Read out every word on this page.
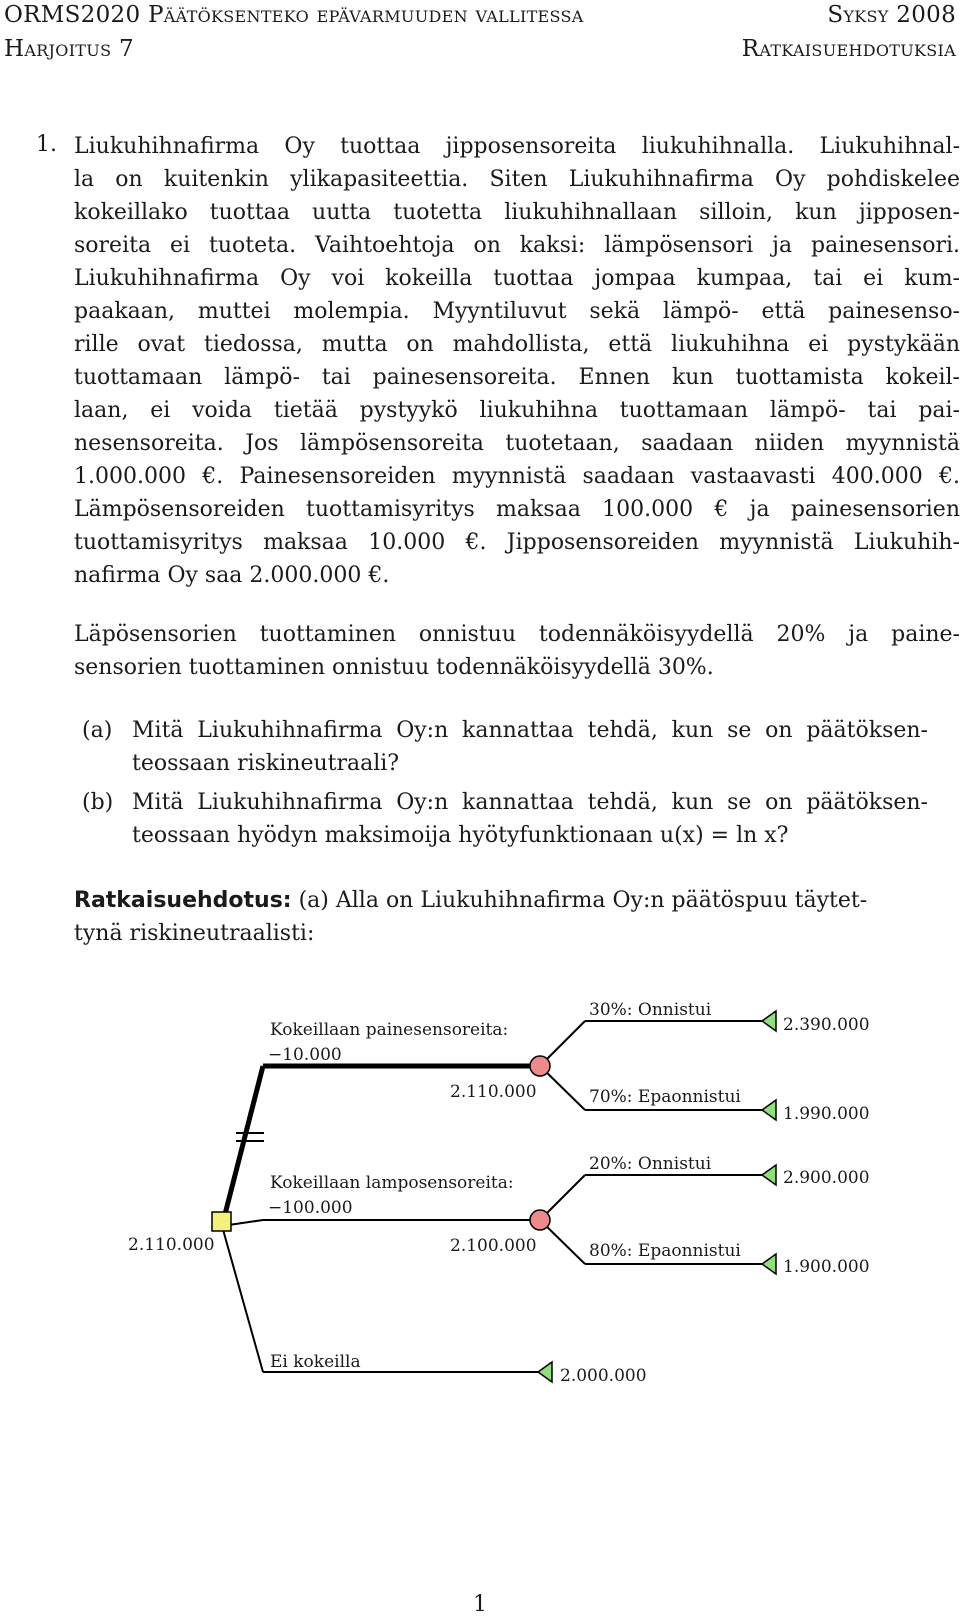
ORMS2020 Päätöksenteko epävarmuuden vallitessa	Syksy 2008
Harjoitus 7	Ratkaisuehdotuksia
1. Liukuhihnafirma Oy tuottaa jipposensoreita liukuhihnalla. Liukuhihnal-
la on kuitenkin ylikapasiteettia. Siten Liukuhihnafirma Oy pohdiskelee
kokeillako tuottaa uutta tuotetta liukuhihnallaan silloin, kun jipposen-
soreita ei tuoteta. Vaihtoehtoja on kaksi: lämpösensori ja painesensori.
Liukuhihnafirma Oy voi kokeilla tuottaa jompaa kumpaa, tai ei kum-
paakaan, muttei molempia. Myyntiluvut sekä lämpö- että painesenso-
rille ovat tiedossa, mutta on mahdollista, että liukuhihna ei pystykään
tuottamaan lämpö- tai painesensoreita. Ennen kun tuottamista kokeil-
laan, ei voida tietää pystyykö liukuhihna tuottamaan lämpö- tai pai-
nesensoreita. Jos lämpösensoreita tuotetaan, saadaan niiden myynnistä
1.000.000 €. Painesensoreiden myynnistä saadaan vastaavasti 400.000 €.
Lämpösensoreiden tuottamisyritys maksaa 100.000 € ja painesensorien
tuottamisyritys maksaa 10.000 €. Jipposensoreiden myynnistä Liukuhih-
nafirma Oy saa 2.000.000 €.
Läpösensorien tuottaminen onnistuu todennäköisyydellä 20% ja paine-
sensorien tuottaminen onnistuu todennäköisyydellä 30%.
(a) Mitä Liukuhihnafirma Oy:n kannattaa tehdä, kun se on päätöksen-
teossaan riskineutraali?
(b) Mitä Liukuhihnafirma Oy:n kannattaa tehdä, kun se on päätöksen-
teossaan hyödyn maksimoija hyötyfunktionaan u(x) = ln x?
Ratkaisuehdotus: (a) Alla on Liukuhihnafirma Oy:n päätöspuu täytet-
tynä riskineutraalisti:
2.110.000
Kokeillaan painesensoreita:
−10.000
2.110.000
30%: Onnistui
2.390.000
70%: Epaonnistui
1.990.000
Kokeillaan lamposensoreita:
−100.000
2.100.000
20%: Onnistui
2.900.000
80%: Epaonnistui
1.900.000
Ei kokeilla
2.000.000
1
